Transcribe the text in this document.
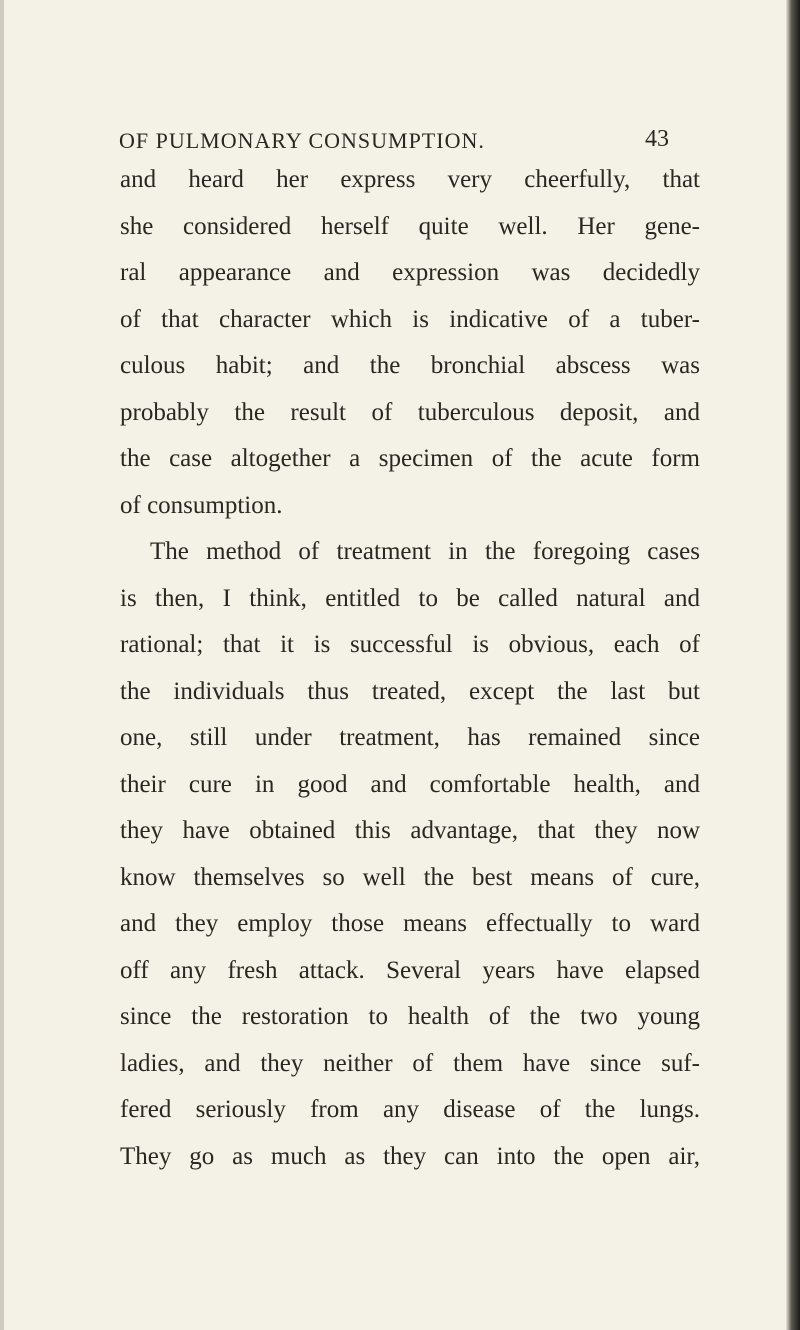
OF PULMONARY CONSUMPTION.	43
and heard her express very cheerfully, that
she considered herself quite well. Her gene-
ral appearance and expression was decidedly
of that character which is indicative of a tuber-
culous habit; and the bronchial abscess was
probably the result of tuberculous deposit, and
the case altogether a specimen of the acute form
of consumption.
The method of treatment in the foregoing cases
is then, I think, entitled to be called natural and
rational; that it is successful is obvious, each of
the individuals thus treated, except the last but
one, still under treatment, has remained since
their cure in good and comfortable health, and
they have obtained this advantage, that they now
know themselves so well the best means of cure,
and they employ those means effectually to ward
off any fresh attack. Several years have elapsed
since the restoration to health of the two young
ladies, and they neither of them have since suf-
fered seriously from any disease of the lungs.
They go as much as they can into the open air,
